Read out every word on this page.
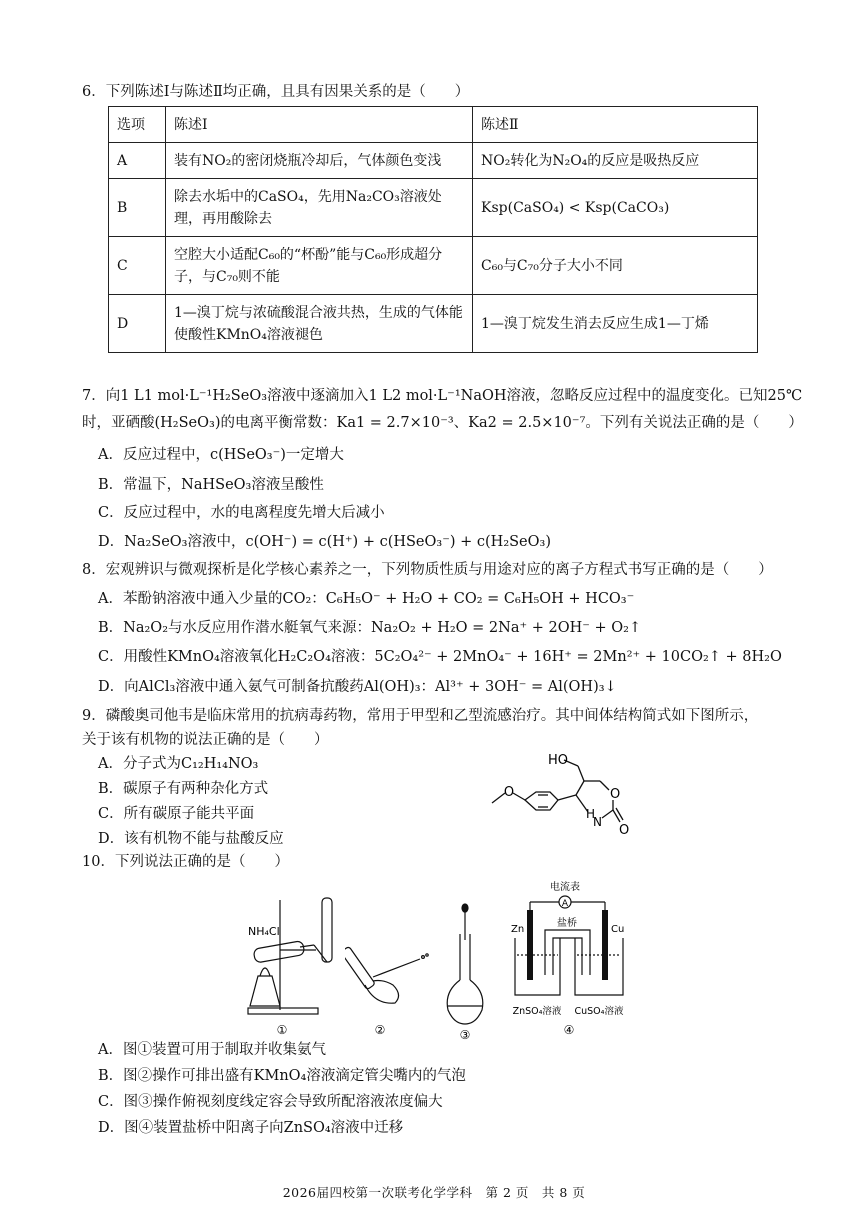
6．下列陈述Ⅰ与陈述Ⅱ均正确，且具有因果关系的是（　　）
选项	陈述Ⅰ	陈述Ⅱ
A	装有NO₂的密闭烧瓶冷却后，气体颜色变浅	NO₂转化为N₂O₄的反应是吸热反应
B	除去水垢中的CaSO₄，先用Na₂CO₃溶液处理，再用酸除去	Ksp(CaSO₄) < Ksp(CaCO₃)
C	空腔大小适配C₆₀的“杯酚”能与C₆₀形成超分子，与C₇₀则不能	C₆₀与C₇₀分子大小不同
D	1—溴丁烷与浓硫酸混合液共热，生成的气体能使酸性KMnO₄溶液褪色	1—溴丁烷发生消去反应生成1—丁烯
7．向1 L1 mol·L⁻¹H₂SeO₃溶液中逐滴加入1 L2 mol·L⁻¹NaOH溶液，忽略反应过程中的温度变化。已知25℃
时，亚硒酸(H₂SeO₃)的电离平衡常数：Ka1 = 2.7×10⁻³、Ka2 = 2.5×10⁻⁷。下列有关说法正确的是（　　）
A．反应过程中，c(HSeO₃⁻)一定增大
B．常温下，NaHSeO₃溶液呈酸性
C．反应过程中，水的电离程度先增大后减小
D．Na₂SeO₃溶液中，c(OH⁻) = c(H⁺) + c(HSeO₃⁻) + c(H₂SeO₃)
8．宏观辨识与微观探析是化学核心素养之一，下列物质性质与用途对应的离子方程式书写正确的是（　　）
A．苯酚钠溶液中通入少量的CO₂：C₆H₅O⁻ + H₂O + CO₂ = C₆H₅OH + HCO₃⁻
B．Na₂O₂与水反应用作潜水艇氧气来源：Na₂O₂ + H₂O = 2Na⁺ + 2OH⁻ + O₂↑
C．用酸性KMnO₄溶液氧化H₂C₂O₄溶液：5C₂O₄²⁻ + 2MnO₄⁻ + 16H⁺ = 2Mn²⁺ + 10CO₂↑ + 8H₂O
D．向AlCl₃溶液中通入氨气可制备抗酸药Al(OH)₃：Al³⁺ + 3OH⁻ = Al(OH)₃↓
9．磷酸奥司他韦是临床常用的抗病毒药物，常用于甲型和乙型流感治疗。其中间体结构简式如下图所示，
关于该有机物的说法正确的是（　　）
A．分子式为C₁₂H₁₄NO₃
B．碳原子有两种杂化方式
C．所有碳原子能共平面
D．该有机物不能与盐酸反应
HO
O	O
H
N
O
10．下列说法正确的是（　　）
NH₄Cl
①	②	③
电流表
A
Zn	Cu
盐桥
ZnSO₄溶液 CuSO₄溶液
④
A．图①装置可用于制取并收集氨气
B．图②操作可排出盛有KMnO₄溶液滴定管尖嘴内的气泡
C．图③操作俯视刻度线定容会导致所配溶液浓度偏大
D．图④装置盐桥中阳离子向ZnSO₄溶液中迁移
2026届四校第一次联考化学学科　第 2 页　共 8 页
